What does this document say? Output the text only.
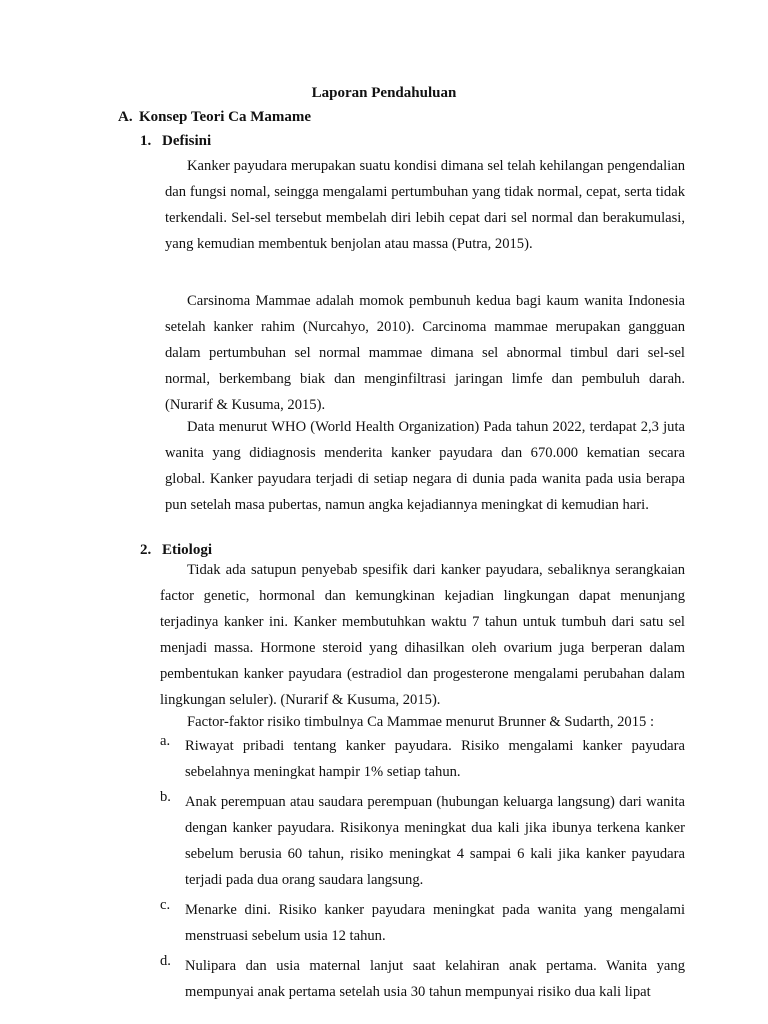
Laporan Pendahuluan
A. Konsep Teori Ca Mamame
1. Defisini

Kanker payudara merupakan suatu kondisi dimana sel telah kehilangan pengendalian dan fungsi nomal, seingga mengalami pertumbuhan yang tidak normal, cepat, serta tidak terkendali. Sel-sel tersebut membelah diri lebih cepat dari sel normal dan berakumulasi, yang kemudian membentuk benjolan atau massa (Putra, 2015).

Carsinoma Mammae adalah momok pembunuh kedua bagi kaum wanita Indonesia setelah kanker rahim (Nurcahyo, 2010). Carcinoma mammae merupakan gangguan dalam pertumbuhan sel normal mammae dimana sel abnormal timbul dari sel-sel normal, berkembang biak dan menginfiltrasi jaringan limfe dan pembuluh darah. (Nurarif & Kusuma, 2015).

Data menurut WHO (World Health Organization) Pada tahun 2022, terdapat 2,3 juta wanita yang didiagnosis menderita kanker payudara dan 670.000 kematian secara global. Kanker payudara terjadi di setiap negara di dunia pada wanita pada usia berapa pun setelah masa pubertas, namun angka kejadiannya meningkat di kemudian hari.

2. Etiologi

Tidak ada satupun penyebab spesifik dari kanker payudara, sebaliknya serangkaian factor genetic, hormonal dan kemungkinan kejadian lingkungan dapat menunjang terjadinya kanker ini. Kanker membutuhkan waktu 7 tahun untuk tumbuh dari satu sel menjadi massa. Hormone steroid yang dihasilkan oleh ovarium juga berperan dalam pembentukan kanker payudara (estradiol dan progesterone mengalami perubahan dalam lingkungan seluler). (Nurarif & Kusuma, 2015).

Factor-faktor risiko timbulnya Ca Mammae menurut Brunner & Sudarth, 2015 :

a. Riwayat pribadi tentang kanker payudara. Risiko mengalami kanker payudara sebelahnya meningkat hampir 1% setiap tahun.
b. Anak perempuan atau saudara perempuan (hubungan keluarga langsung) dari wanita dengan kanker payudara. Risikonya meningkat dua kali jika ibunya terkena kanker sebelum berusia 60 tahun, risiko meningkat 4 sampai 6 kali jika kanker payudara terjadi pada dua orang saudara langsung.
c. Menarke dini. Risiko kanker payudara meningkat pada wanita yang mengalami menstruasi sebelum usia 12 tahun.
d. Nulipara dan usia maternal lanjut saat kelahiran anak pertama. Wanita yang mempunyai anak pertama setelah usia 30 tahun mempunyai risiko dua kali lipat
